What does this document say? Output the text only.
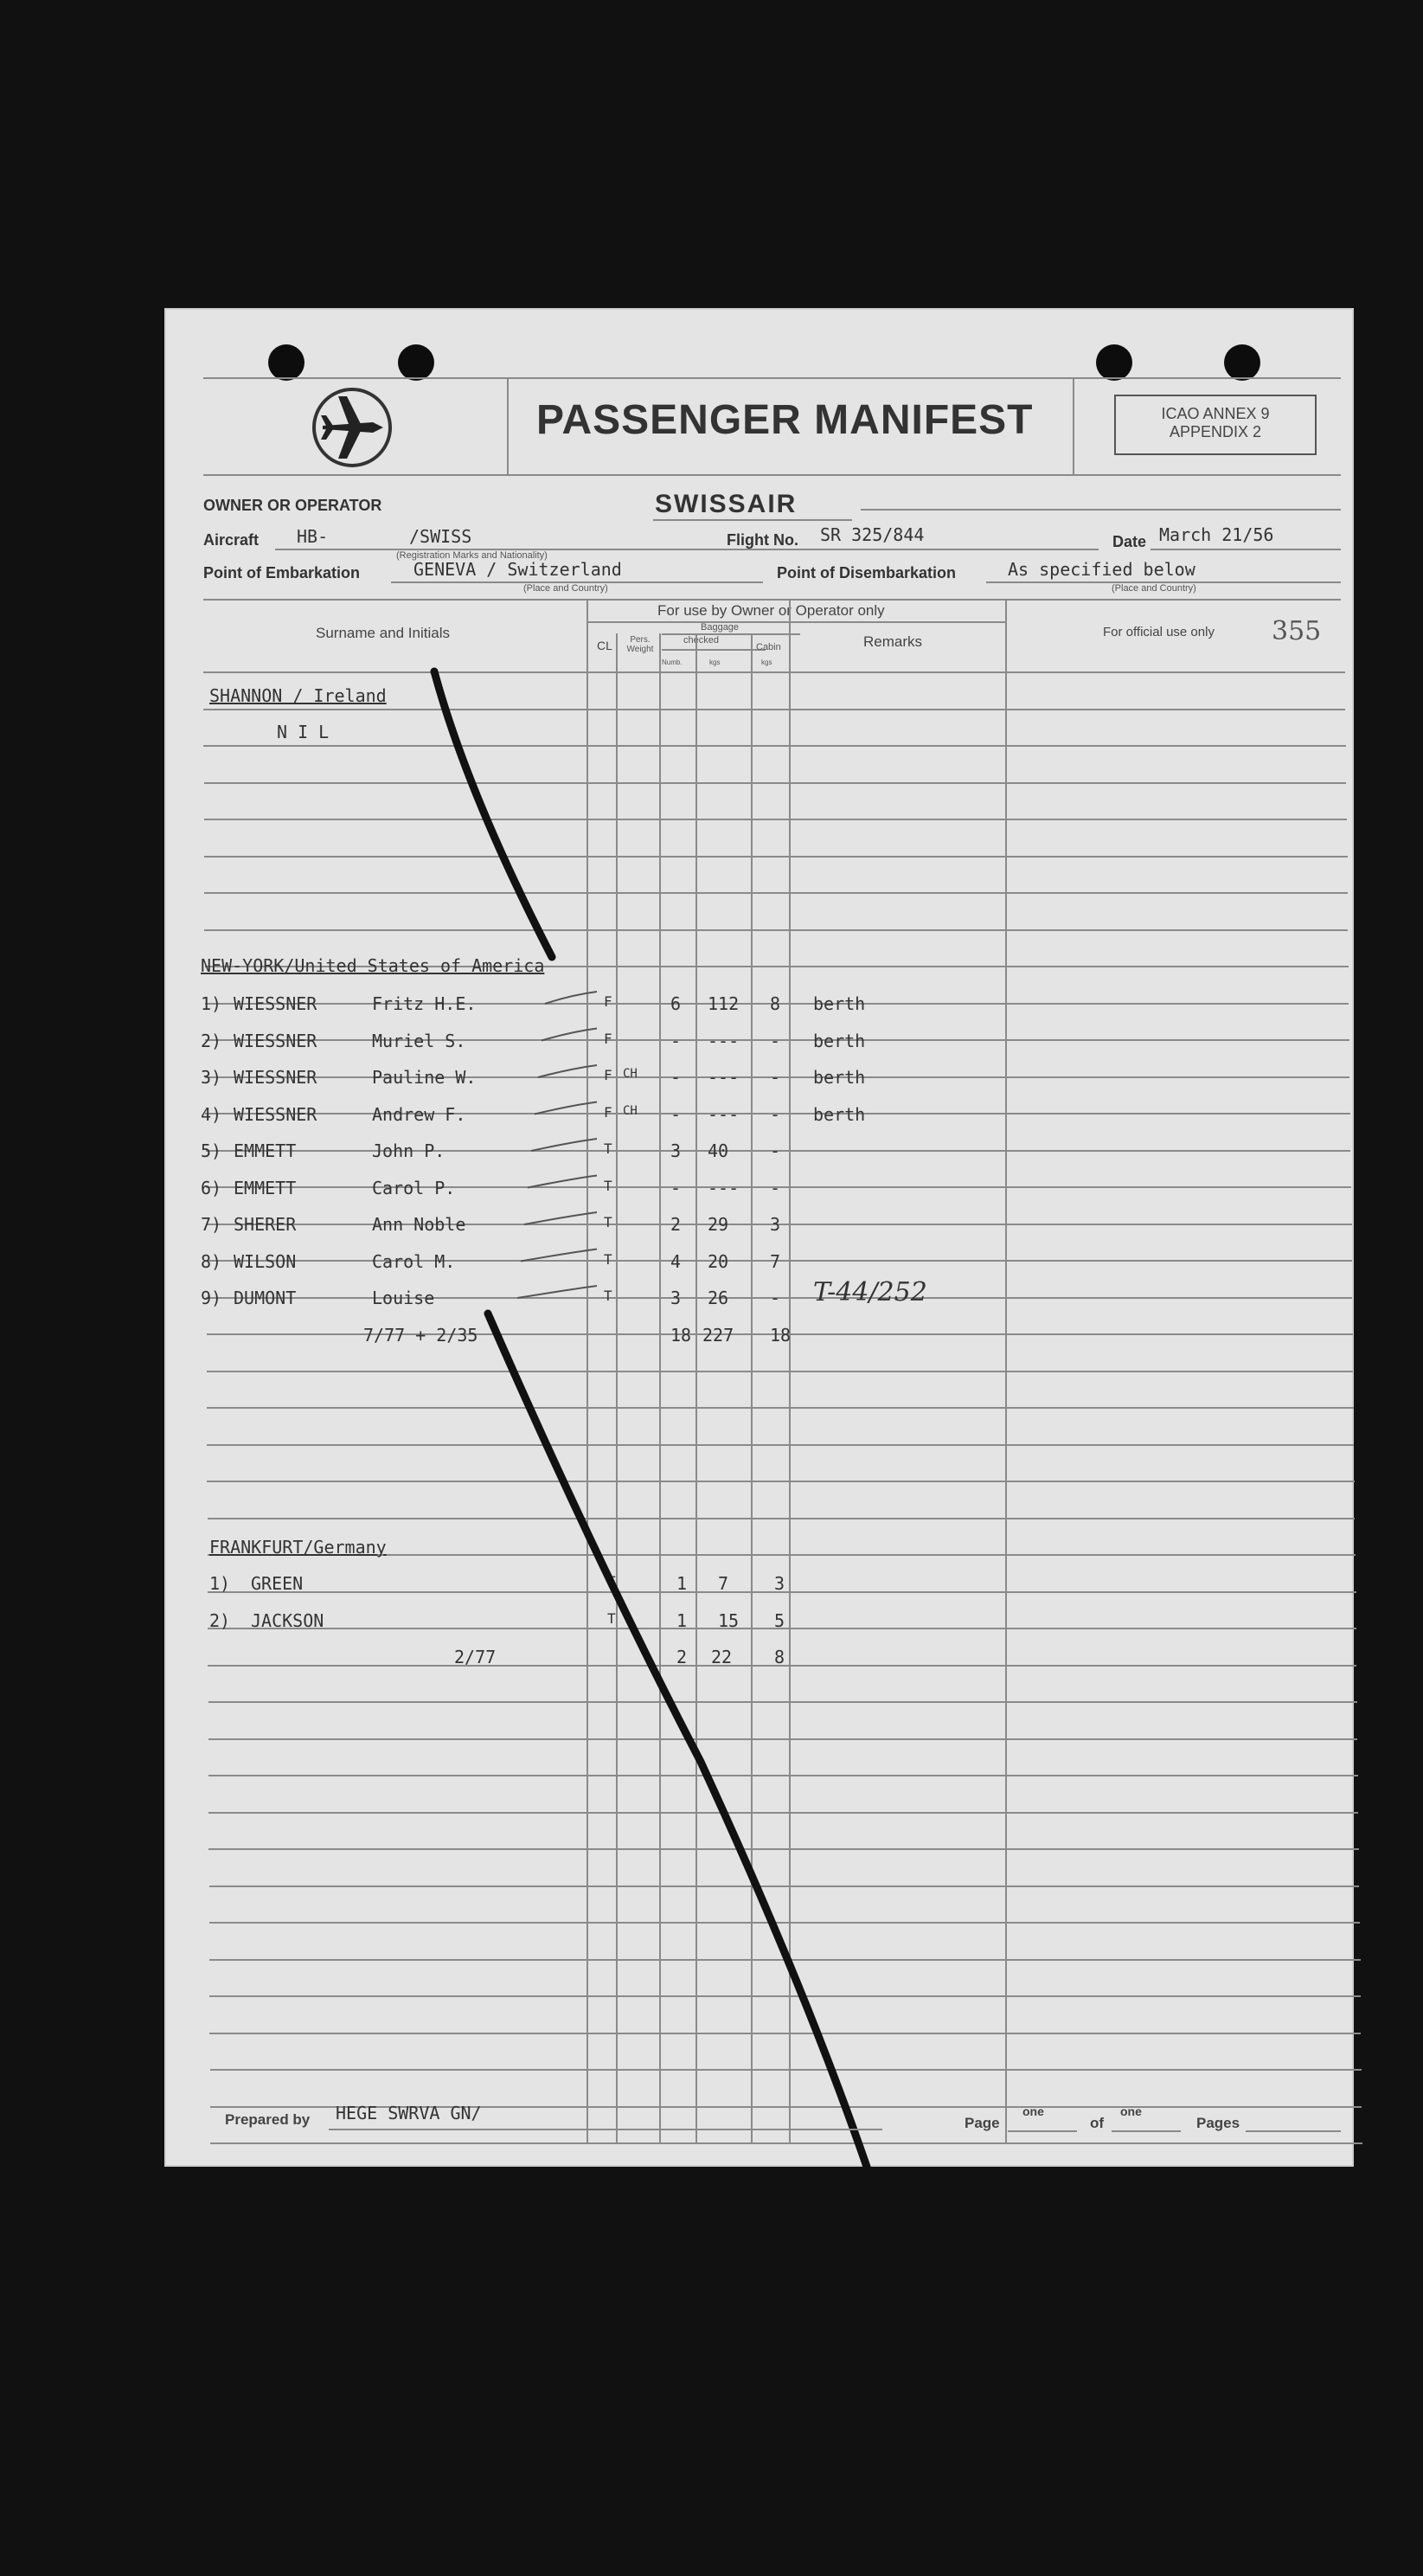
PASSENGER MANIFEST	ICAO ANNEX 9
APPENDIX 2
OWNER OR OPERATOR	SWISSAIR
Aircraft HB-	/SWISS
(Registration Marks and Nationality)
Flight No. SR 325/844	Date March 21/56
Point of Embarkation	GENEVA / Switzerland
(Place and Country)
Point of Disembarkation	As specified below
(Place and Country)
Surname and Initials
For use by Owner or Operator only
CL	Pers. Weight
Baggage
checked
Cabin
Numb.	kgs	kgs
Remarks
For official use only 355
SHANNON / Ireland
N I L
NEW-YORK/United States of America
1) WIESSNER	Fritz H.E.	F	6 112 8 berth
2) WIESSNER	Muriel S.	F	- --- - berth
3) WIESSNER	Pauline W.	F CH - --- - berth
4) WIESSNER	Andrew F.	F CH - --- - berth
5) EMMETT	John P.	T	3 40 -
6) EMMETT	Carol P.	T	- --- -
7) SHERER	Ann Noble	T	2 29 3
8) WILSON	Carol M.	T	4 20 7
9) DUMONT	Louise	T	3 26 - T-44/252
7/77 + 2/35	18 227 18
FRANKFURT/Germany
1) GREEN	T	1 7	3
2) JACKSON	T	1 15 5
2/77	2 22 8
Prepared by HEGE SWRVA GN/	Page
one
of
one
Pages
